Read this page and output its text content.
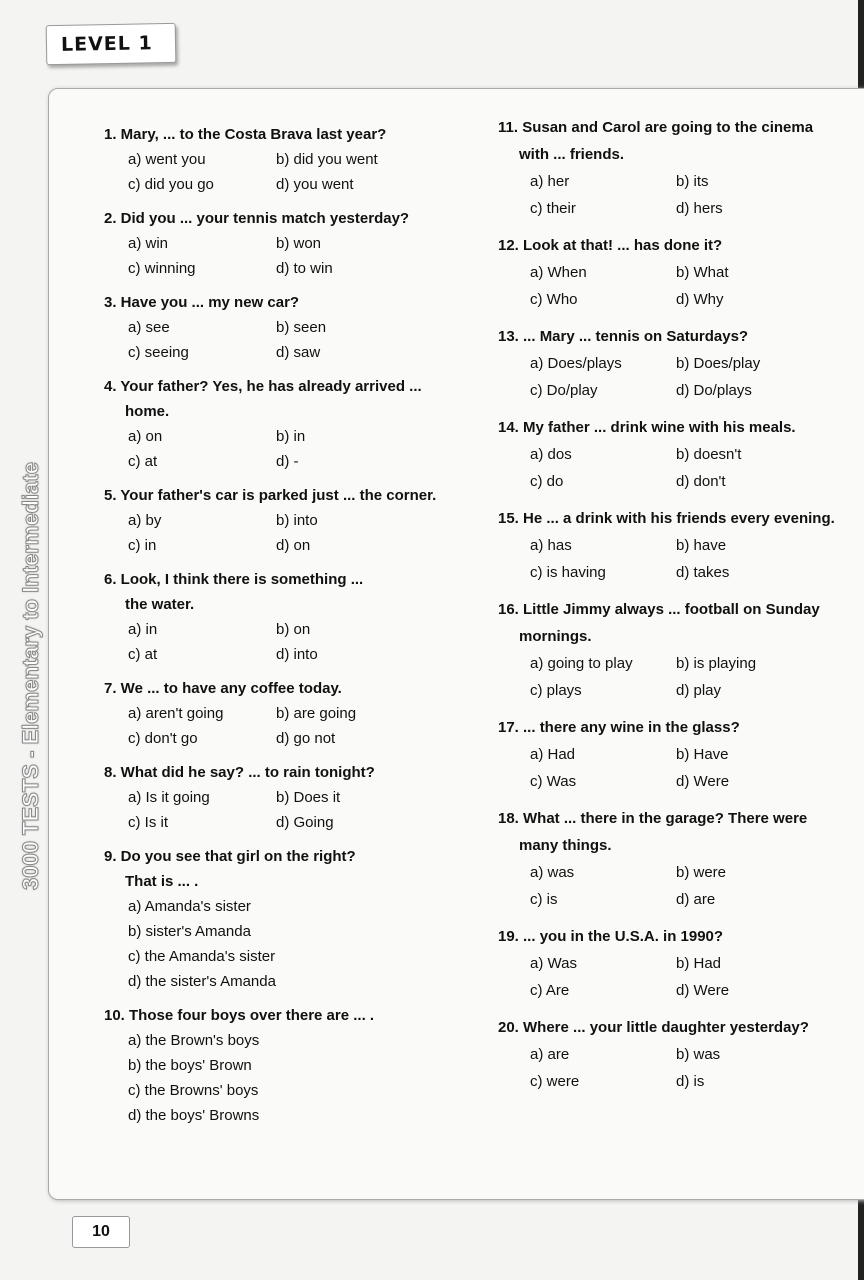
LEVEL 1
3000 TESTS - Elementary to Intermediate
1. Mary, ... to the Costa Brava last year?
a) went you	b) did you went
c) did you go	d) you went
2. Did you ... your tennis match yesterday?
a) win	b) won
c) winning	d) to win
3. Have you ... my new car?
a) see	b) seen
c) seeing	d) saw
4. Your father? Yes, he has already arrived ...
home.
a) on	b) in
c) at	d) -
5. Your father's car is parked just ... the corner.
a) by	b) into
c) in	d) on
6. Look, I think there is something ...
the water.
a) in	b) on
c) at	d) into
7. We ... to have any coffee today.
a) aren't going	b) are going
c) don't go	d) go not
8. What did he say? ... to rain tonight?
a) Is it going	b) Does it
c) Is it	d) Going
9. Do you see that girl on the right?
That is ... .
a) Amanda's sister
b) sister's Amanda
c) the Amanda's sister
d) the sister's Amanda
10. Those four boys over there are ... .
a) the Brown's boys
b) the boys' Brown
c) the Browns' boys
d) the boys' Browns
11. Susan and Carol are going to the cinema
with ... friends.
a) her	b) its
c) their	d) hers
12. Look at that! ... has done it?
a) When	b) What
c) Who	d) Why
13. ... Mary ... tennis on Saturdays?
a) Does/plays	b) Does/play
c) Do/play	d) Do/plays
14. My father ... drink wine with his meals.
a) dos	b) doesn't
c) do	d) don't
15. He ... a drink with his friends every evening.
a) has	b) have
c) is having	d) takes
16. Little Jimmy always ... football on Sunday
mornings.
a) going to play	b) is playing
c) plays	d) play
17. ... there any wine in the glass?
a) Had	b) Have
c) Was	d) Were
18. What ... there in the garage? There were
many things.
a) was	b) were
c) is	d) are
19. ... you in the U.S.A. in 1990?
a) Was	b) Had
c) Are	d) Were
20. Where ... your little daughter yesterday?
a) are	b) was
c) were	d) is
10
